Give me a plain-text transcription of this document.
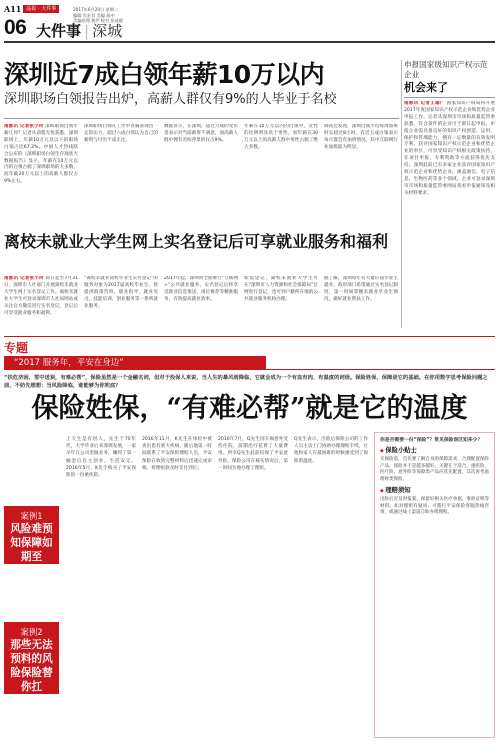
A11	晶报 · 大件事	2017年6月20日 星期二
编辑 肖宏君 美编 蒋中
美编助理 黄芹 校对 彭成群
06 大件事 | 深城
深圳近7成白领年薪10万以内
深圳职场白领报告出炉，高薪人群仅有9%的人毕业于名校
南都讯 记者张小玲 深圳职场白领年薪几何？记者从前程无忧获悉，深圳职场上，年薪10万元及以下的职场白领占比67.2%。中国人才热线联合公布的《深圳职场白领生存现状大数据报告》显示，年薪在10万元以内的白领占据了深圳职场的大多数，而年薪20万元以上的高薪人群仅占9%左右。
深圳职场白领在工作中普遍表现出一定的压力，超过六成白领认为自己的薪资与付出不成正比。
数据显示，在深圳，超过六成的受访者表示对当前薪资不满意，而高薪人群中拥有名校背景的仅占9%。
年薪在10万元以内的白领中，女性的比例明显高于男性，而年薪在30万元以上的高薪人群中男性占据了绝大多数。
调查还发现，深圳白领平均每周加班时长超过8小时，有近五成白领表示每月都会有加班情况，其中互联网行业加班最为明显。
离校未就业大学生网上实名登记后可享就业服务和福利
南都讯 记者张小玲 即日起至7月31日，深圳市人社部门开展离校未就业大学生网上实名登记工作。离校未就业大学生可登录深圳市人社局网站或关注官方微信进行实名登记，登记后可享受就业服务和福利。
“离校未就业高校毕业生实名登记”的服务对象为2017届高校毕业生，将提供政策咨询、职业指导、就业见习、技能培训、创业服务等一系列就业服务。
2017年起，深圳将全面推行“互联网+”公共就业服务，实名登记后将享受就业信息推送、岗位推荐等精准服务，有效提高就业效率。
如需登记，离校未就业大学生可在“深圳市人力资源和社会保障局”官网进行登记，也可到户籍所在地的公共就业服务机构办理。
据了解，深圳每年有大量应届毕业生就业，政府部门希望通过实名登记制度，第一时间掌握未就业毕业生情况，做好就业帮扶工作。
申报国家级知识产权示范企业
机会来了
南都讯 记者王雄广 国家知识产权局将开展2017年度国家知识产权示范企业和优势企业申报工作。记者从深圳市市场和质量监管委获悉，符合条件的企业可于即日起申报。申报企业需具备良好的知识产权创造、运用、保护和管理能力，拥有一定数量的有效发明专利。获评国家知识产权示范企业和优势企业的单位，可享受知识产权相关政策扶持，在项目申报、专利资助等方面获得优先支持。深圳此前已有多家企业获评国家知识产权示范企业和优势企业，涵盖通信、电子信息、生物医药等多个领域。企业可登录深圳市市场和质量监管委网站查看申报通知及相关材料要求。
专题
“2017 服务年，平安在身边”
“扶危济困，雪中送炭，有难必帮”，保险虽然是一个金融名词，但对于投保人来说，当人生的暴风雨降临，它就会成为一个有血有肉、有温度的词语。保险姓保，保障是它的基础。在你用数字思考保险问题之前，不妨先想想：当风险降临，谁能够为你兜底？
保险姓保，“有难必帮”就是它的温度
案例1
风险难预知保障如期至
案例2
那些无法预料的风险保险替你扛
上天生是有因人，先生于70年代，大学毕业后来深圳发展，一家早年在公司里做业务，赚到了第一桶金后自主创业，生活安定。2016年5月，K先生购买了平安保险的一份重疾险。
2016年11月，K先生在体检中被查出患有重大疾病，随后他第一时间联系了平安保险理赔人员，平安保险在收到完整材料后迅速完成审核，将理赔款及时支付到位。
2016年7月，Q先生因车祸意外受伤住院，前期治疗花费了大量费用。所幸Q先生此前投保了平安意外险，保险公司在核实情况后，第一时间为他办理了理赔。
Q先生表示，出险后保险公司的工作人员主动上门协助办理理赔手续，让他和家人在最困难的时候感受到了保险的温度。
你是否需要一份“保险”？常见保险误区知多少？
◆ 保险小贴士
买保险前，首先要了解自身的保障需求，合理配置保险产品。保险并不是越多越好，关键在于适合。重疾险、医疗险、意外险等保障类产品应优先配置，其次再考虑理财类保险。
◆ 理赔须知
出险后应及时报案，保留好相关医疗单据、事故证明等材料。如对理赔有疑问，可拨打平安保险客服热线咨询，或通过线上渠道自助办理理赔。
